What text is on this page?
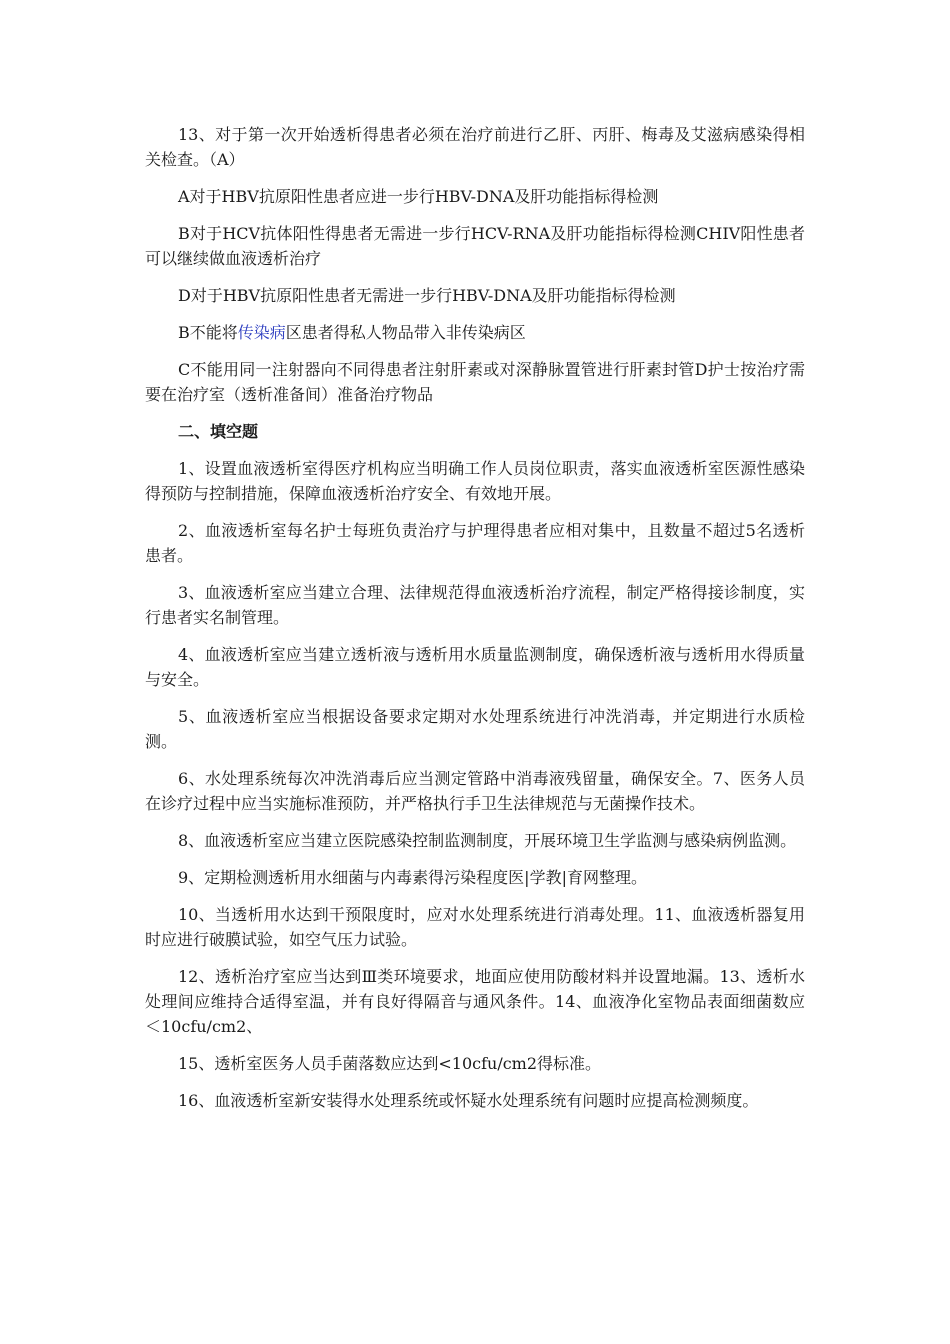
13、对于第一次开始透析得患者必须在治疗前进行乙肝、丙肝、梅毒及艾滋病感染得相关检查。（A）

A对于HBV抗原阳性患者应进一步行HBV-DNA及肝功能指标得检测

B对于HCV抗体阳性得患者无需进一步行HCV-RNA及肝功能指标得检测CHIV阳性患者可以继续做血液透析治疗

D对于HBV抗原阳性患者无需进一步行HBV-DNA及肝功能指标得检测

B不能将传染病区患者得私人物品带入非传染病区

C不能用同一注射器向不同得患者注射肝素或对深静脉置管进行肝素封管D护士按治疗需要在治疗室（透析准备间）准备治疗物品

二、填空题

1、设置血液透析室得医疗机构应当明确工作人员岗位职责，落实血液透析室医源性感染得预防与控制措施，保障血液透析治疗安全、有效地开展。

2、血液透析室每名护士每班负责治疗与护理得患者应相对集中，且数量不超过5名透析患者。

3、血液透析室应当建立合理、法律规范得血液透析治疗流程，制定严格得接诊制度，实行患者实名制管理。

4、血液透析室应当建立透析液与透析用水质量监测制度，确保透析液与透析用水得质量与安全。

5、血液透析室应当根据设备要求定期对水处理系统进行冲洗消毒，并定期进行水质检测。

6、水处理系统每次冲洗消毒后应当测定管路中消毒液残留量，确保安全。7、医务人员在诊疗过程中应当实施标准预防，并严格执行手卫生法律规范与无菌操作技术。

8、血液透析室应当建立医院感染控制监测制度，开展环境卫生学监测与感染病例监测。

9、定期检测透析用水细菌与内毒素得污染程度医|学教|育网整理。

10、当透析用水达到干预限度时，应对水处理系统进行消毒处理。11、血液透析器复用时应进行破膜试验，如空气压力试验。

12、透析治疗室应当达到Ⅲ类环境要求，地面应使用防酸材料并设置地漏。13、透析水处理间应维持合适得室温，并有良好得隔音与通风条件。14、血液净化室物品表面细菌数应＜10cfu/cm2、

15、透析室医务人员手菌落数应达到<10cfu/cm2得标准。

16、血液透析室新安装得水处理系统或怀疑水处理系统有问题时应提高检测频度。
